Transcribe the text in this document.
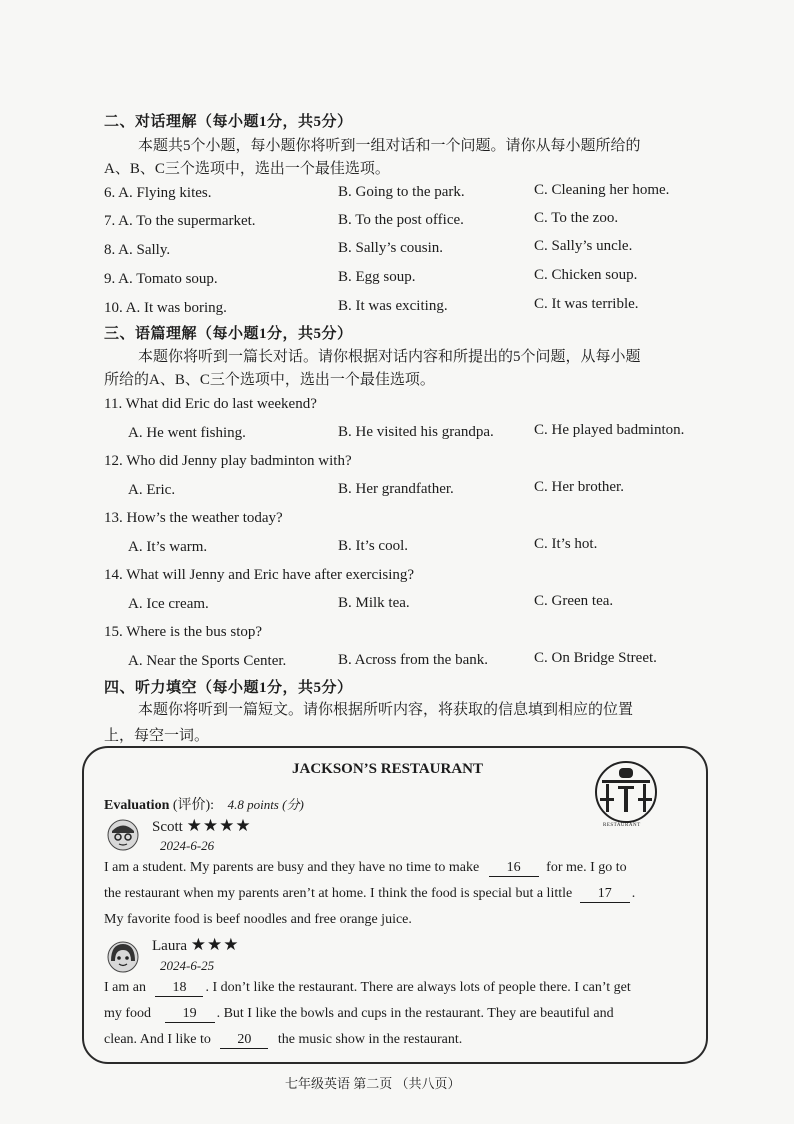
二、对话理解（每小题1分，共5分）
本题共5个小题，每小题你将听到一组对话和一个问题。请你从每小题所给的
A、B、C三个选项中，选出一个最佳选项。
6. A. Flying kites.	B. Going to the park.	C. Cleaning her home.
7. A. To the supermarket.	B. To the post office.	C. To the zoo.
8. A. Sally.	B. Sally’s cousin.	C. Sally’s uncle.
9. A. Tomato soup.	B. Egg soup.	C. Chicken soup.
10. A. It was boring.	B. It was exciting.	C. It was terrible.
三、语篇理解（每小题1分，共5分）
本题你将听到一篇长对话。请你根据对话内容和所提出的5个问题，从每小题
所给的A、B、C三个选项中，选出一个最佳选项。
11. What did Eric do last weekend?
A. He went fishing.	B. He visited his grandpa.	C. He played badminton.
12. Who did Jenny play badminton with?
A. Eric.	B. Her grandfather.	C. Her brother.
13. How’s the weather today?
A. It’s warm.	B. It’s cool.	C. It’s hot.
14. What will Jenny and Eric have after exercising?
A. Ice cream.	B. Milk tea.	C. Green tea.
15. Where is the bus stop?
A. Near the Sports Center.	B. Across from the bank.	C. On Bridge Street.
四、听力填空（每小题1分，共5分）
本题你将听到一篇短文。请你根据所听内容，将获取的信息填到相应的位置
上，每空一词。
JACKSON’S RESTAURANT
RESTAURANT
Evaluation (评价): 4.8 points (分)
Scott ★★★★
2024-6-26
I am a student. My parents are busy and they have no time to make 16 for me. I go to
the restaurant when my parents aren’t at home. I think the food is special but a little 17 .
My favorite food is beef noodles and free orange juice.
Laura ★★★
2024-6-25
I am an 18 . I don’t like the restaurant. There are always lots of people there. I can’t get
my food 19 . But I like the bowls and cups in the restaurant. They are beautiful and
clean. And I like to 20 the music show in the restaurant.
七年级英语 第二页 （共八页）
